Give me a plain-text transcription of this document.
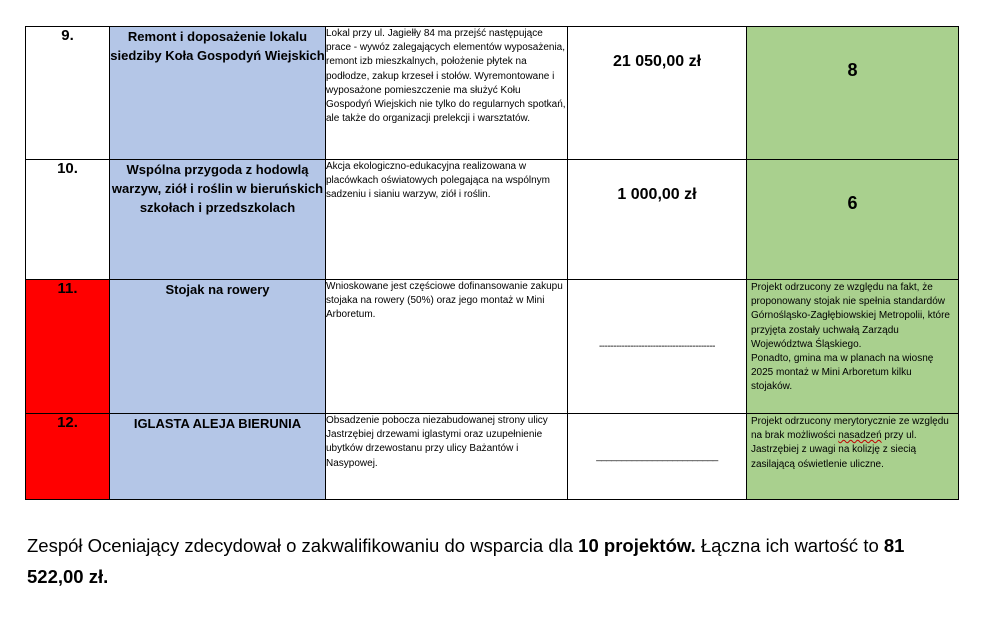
9.	Remont i doposażenie lokalu siedziby Koła Gospodyń Wiejskich	Lokal przy ul. Jagiełły 84 ma przejść następujące prace - wywóz zalegających elementów wyposażenia, remont izb mieszkalnych, położenie płytek na podłodze, zakup krzeseł i stołów. Wyremontowane i wyposażone pomieszczenie ma służyć Kołu Gospodyń Wiejskich nie tylko do regularnych spotkań, ale także do organizacji prelekcji i warsztatów.	21 050,00 zł	8

10.	Wspólna przygoda z hodowlą warzyw, ziół i roślin w bieruńskich szkołach i przedszkolach	Akcja ekologiczno-edukacyjna realizowana w placówkach oświatowych polegająca na wspólnym sadzeniu i sianiu warzyw, ziół i roślin.	1 000,00 zł	6

11.	Stojak na rowery	Wnioskowane jest częściowe dofinansowanie zakupu stojaka na rowery (50%) oraz jego montaż w Mini Arboretum.	-----------------------------------------	Projekt odrzucony ze względu na fakt, że proponowany stojak nie spełnia standardów Górnośląsko-Zagłębiowskiej Metropolii, które przyjęta zostały uchwałą Zarządu Województwa Śląskiego.
Ponadto, gmina ma w planach na wiosnę 2025 montaż w Mini Arboretum kilku stojaków.
12.	IGLASTA ALEJA BIERUNIA	Obsadzenie pobocza niezabudowanej strony ulicy Jastrzębiej drzewami iglastymi oraz uzupełnienie ubytków drzewostanu przy ulicy Bażantów i Nasypowej.	________________________	Projekt odrzucony merytorycznie ze względu na brak możliwości nasadzeń przy ul. Jastrzębiej z uwagi na kolizję z siecią zasilającą oświetlenie uliczne.

Zespół Oceniający zdecydował o zakwalifikowaniu do wsparcia dla 10 projektów. Łączna ich wartość to 81 522,00 zł.
